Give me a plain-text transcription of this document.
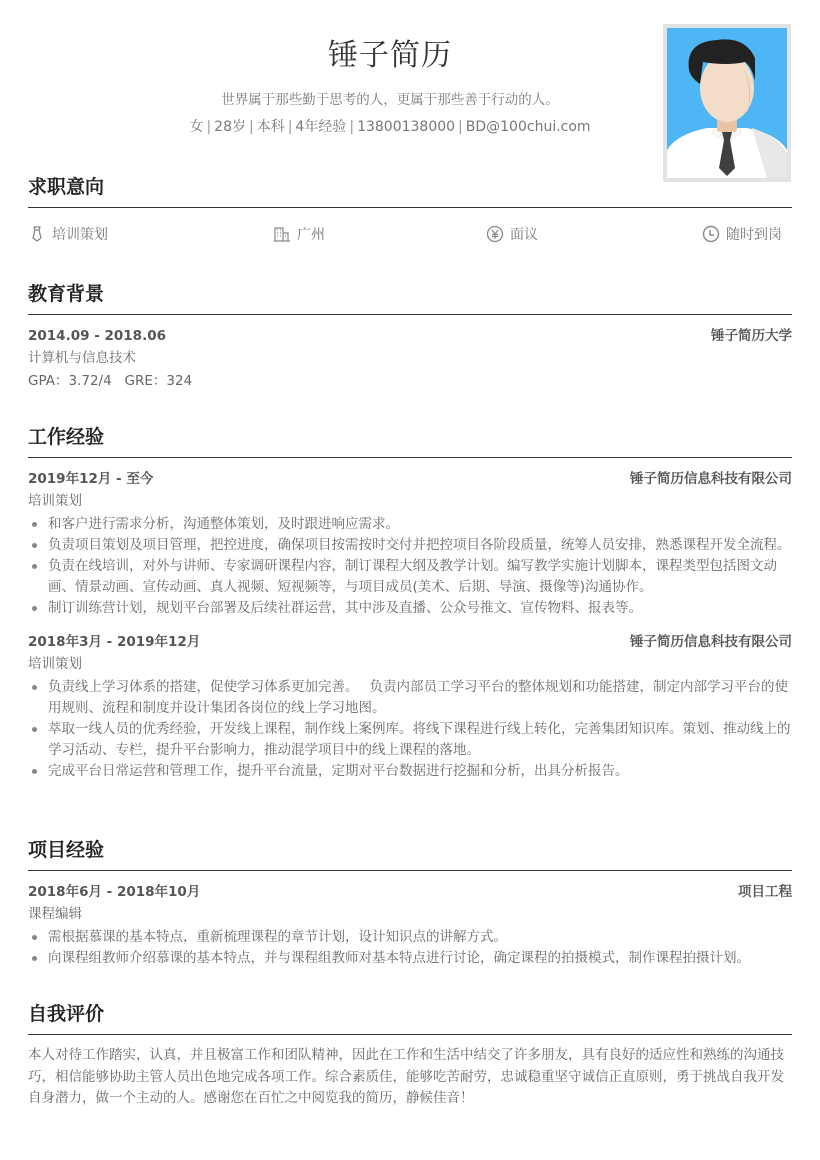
锤子简历
世界属于那些勤于思考的人，更属于那些善于行动的人。
女 | 28岁 | 本科 | 4年经验 | 13800138000 | BD@100chui.com
求职意向
培训策划	广州	面议	随时到岗
教育背景
2014.09 - 2018.06	锤子简历大学
计算机与信息技术
GPA：3.72/4   GRE：324
工作经验
2019年12月 - 至今	锤子简历信息科技有限公司
培训策划
和客户进行需求分析，沟通整体策划，及时跟进响应需求。
负责项目策划及项目管理，把控进度，确保项目按需按时交付并把控项目各阶段质量，统筹人员安排，熟悉课程开发全流程。
负责在线培训，对外与讲师、专家调研课程内容，制订课程大纲及教学计划。编写教学实施计划脚本，课程类型包括图文动画、情景动画、宣传动画、真人视频、短视频等，与项目成员(美术、后期、导演、摄像等)沟通协作。
制订训练营计划，规划平台部署及后续社群运营，其中涉及直播、公众号推文、宣传物料、报表等。
2018年3月 - 2019年12月	锤子简历信息科技有限公司
培训策划
负责线上学习体系的搭建，促使学习体系更加完善。　 负责内部员工学习平台的整体规划和功能搭建，制定内部学习平台的使用规则、流程和制度并设计集团各岗位的线上学习地图。
萃取一线人员的优秀经验，开发线上课程，制作线上案例库。将线下课程进行线上转化，完善集团知识库。策划、推动线上的学习活动、专栏，提升平台影响力，推动混学项目中的线上课程的落地。
完成平台日常运营和管理工作，提升平台流量，定期对平台数据进行挖掘和分析，出具分析报告。
项目经验
2018年6月 - 2018年10月	项目工程
课程编辑
需根据慕课的基本特点，重新梳理课程的章节计划，设计知识点的讲解方式。
向课程组教师介绍慕课的基本特点，并与课程组教师对基本特点进行讨论，确定课程的拍摄模式，制作课程拍摄计划。
自我评价
本人对待工作踏实，认真，并且极富工作和团队精神，因此在工作和生活中结交了许多朋友，具有良好的适应性和熟练的沟通技巧，相信能够协助主管人员出色地完成各项工作。综合素质佳，能够吃苦耐劳，忠诚稳重坚守诚信正直原则，勇于挑战自我开发自身潜力，做一个主动的人。感谢您在百忙之中阅览我的简历，静候佳音！
